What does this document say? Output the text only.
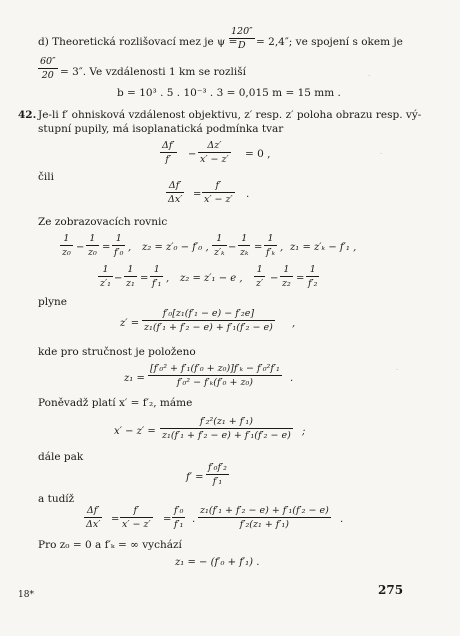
d) Theoretická rozlišovací mez je ψ =
120″
D = 2,4″; ve spojení s okem je
60″
20 = 3″. Ve vzdálenosti 1 km se rozliší
b = 10³ . 5 . 10⁻³ . 3 = 0,015 m = 15 mm .
42. Je-li f′ ohnisková vzdálenost objektivu, z′ resp. z′ poloha obrazu resp. vý-
stupní pupily, má isoplanatická podmínka tvar
Δf′
f′ −
Δz′
x′ − z′ = 0 ,
čili
Δf′
Δx′ =
f′
x′ − z′ .
Ze zobrazovacích rovnic
1
z₀ −
1
z₀ =
1
f′₀ , z₂ = z′₀ − f′₀ ,
1
z′ₖ −
1
zₖ =
1
f′ₖ , z₁ = z′ₖ − f′₁ ,
1
z′₁ −
1
z₁ =
1
f′₁ , z₂ = z′₁ − e ,
1
z′ −
1
z₂ =
1
f′₂
plyne
z′ =
f′₀[z₁(f′₁ − e) − f′₂e]
z₁(f′₁ + f′₂ − e) + f′₁(f′₂ − e) ,
kde pro stručnost je položeno
z₁ =
[f′₀² + f′₁(f′₀ + z₀)]f′ₖ − f′₀²f′₁
f′₀² − f′ₖ(f′₀ + z₀)	.
Poněvadž platí x′ = f′₂, máme
x′ − z′ =
f′₂²(z₁ + f′₁)
z₁(f′₁ + f′₂ − e) + f′₁(f′₂ − e) ;
dále pak
f′ =
f′₀f′₂
f′₁
a tudíž
Δf′
Δx′ =
f′
x′ − z′ =
f′₀
f′₁ .
z₁(f′₁ + f′₂ − e) + f′₁(f′₂ − e)
f′₂(z₁ + f′₁)	.
Pro z₀ = 0 a f′ₖ = ∞ vychází
z₁ = − (f′₀ + f′₁) .
18*	275
·
·
·
